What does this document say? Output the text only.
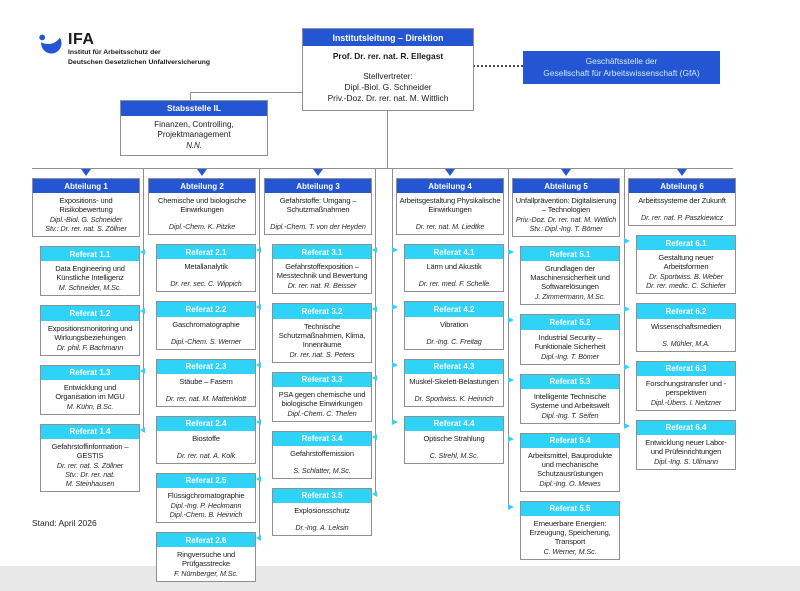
IFA
Institut für Arbeitsschutz der
Deutschen Gesetzlichen Unfallversicherung
Institutsleitung – Direktion
Prof. Dr. rer. nat. R. Ellegast
Stellvertreter:
Dipl.-Biol. G. Schneider
Priv.-Doz. Dr. rer. nat. M. Wittlich
Geschäftsstelle der
Gesellschaft für Arbeitswissenschaft (GfA)
Stabsstelle IL
Finanzen, Controlling,
Projektmanagement
N.N.
Abteilung 1
Expositions- und Risikobewertung
Dipl.-Biol. G. Schneider
Stv.: Dr. rer. nat. S. Zöllner
Referat 1.1
Data Engineering und Künstliche Intelligenz
M. Schneider, M.Sc.
Referat 1.2
Expositionsmonitoring und Wirkungsbeziehungen
Dr. phil. F. Bachmann
Referat 1.3
Entwicklung und Organisation im MGU
M. Kühn, B.Sc.
Referat 1.4
Gefahrstoffinformation – GESTIS
Dr. rer. nat. S. Zöllner
Stv.: Dr. rer. nat.
M. Steinhausen
Abteilung 2
Chemische und biologische Einwirkungen
Dipl.-Chem. K. Pitzke
Referat 2.1
Metallanalytik
Dr. rer. sec. C. Wippich
Referat 2.2
Gaschromatographie
Dipl.-Chem. S. Werner
Referat 2.3
Stäube – Fasern
Dr. rer. nat. M. Mattenklott
Referat 2.4
Biostoffe
Dr. rer. nat. A. Kolk
Referat 2.5
Flüssigchromatographie
Dipl.-Ing. P. Heckmann
Dipl.-Chem. B. Heinrich
Referat 2.6
Ringversuche und Prüfgasstrecke
F. Nürnberger, M.Sc.
Abteilung 3
Gefahrstoffe: Umgang – Schutzmaßnahmen
Dipl.-Chem. T. von der Heyden
Referat 3.1
Gefahrstoffexposition – Messtechnik und Bewertung
Dr. rer. nat. R. Beisser
Referat 3.2
Technische Schutzmaßnahmen, Klima, Innenräume
Dr. rer. nat. S. Peters
Referat 3.3
PSA gegen chemische und biologische Einwirkungen
Dipl.-Chem. C. Thelen
Referat 3.4
Gefahrstoffemission
S. Schlatter, M.Sc.
Referat 3.5
Explosionsschutz
Dr.-Ing. A. Leksin
Abteilung 4
Arbeitsgestaltung Physikalische Einwirkungen
Dr. rer. nat. M. Liedtke
Referat 4.1
Lärm und Akustik
Dr. rer. med. F. Schelle
Referat 4.2
Vibration
Dr.-Ing. C. Freitag
Referat 4.3
Muskel-Skelett-Belastungen
Dr. Sportwiss. K. Heinrich
Referat 4.4
Optische Strahlung
C. Strehl, M.Sc.
Abteilung 5
Unfallprävention: Digitalisierung – Technologien
Priv.-Doz. Dr. rer. nat. M. Wittlich
Stv.: Dipl.-Ing. T. Bömer
Referat 5.1
Grundlagen der Maschinensicherheit und Softwarelösungen
J. Zimmermann, M.Sc.
Referat 5.2
Industrial Security – Funktionale Sicherheit
Dipl.-Ing. T. Bömer
Referat 5.3
Intelligente Technische Systeme und Arbeitswelt
Dipl.-Ing. T. Seifen
Referat 5.4
Arbeitsmittel, Bauprodukte und mechanische Schutzausrüstungen
Dipl.-Ing. O. Mewes
Referat 5.5
Erneuerbare Energien: Erzeugung, Speicherung, Transport
C. Werner, M.Sc.
Abteilung 6
Arbeitssysteme der Zukunft
Dr. rer. nat. P. Paszkiewicz
Referat 6.1
Gestaltung neuer Arbeitsformen
Dr. Sportwiss. B. Weber
Dr. rer. medic. C. Schiefer
Referat 6.2
Wissenschaftsmedien
S. Mühler, M.A.
Referat 6.3
Forschungstransfer und -perspektiven
Dipl.-Übers. I. Neitzner
Referat 6.4
Entwicklung neuer Labor- und Prüfeinrichtungen
Dipl.-Ing. S. Ullmann
Stand: April 2026
